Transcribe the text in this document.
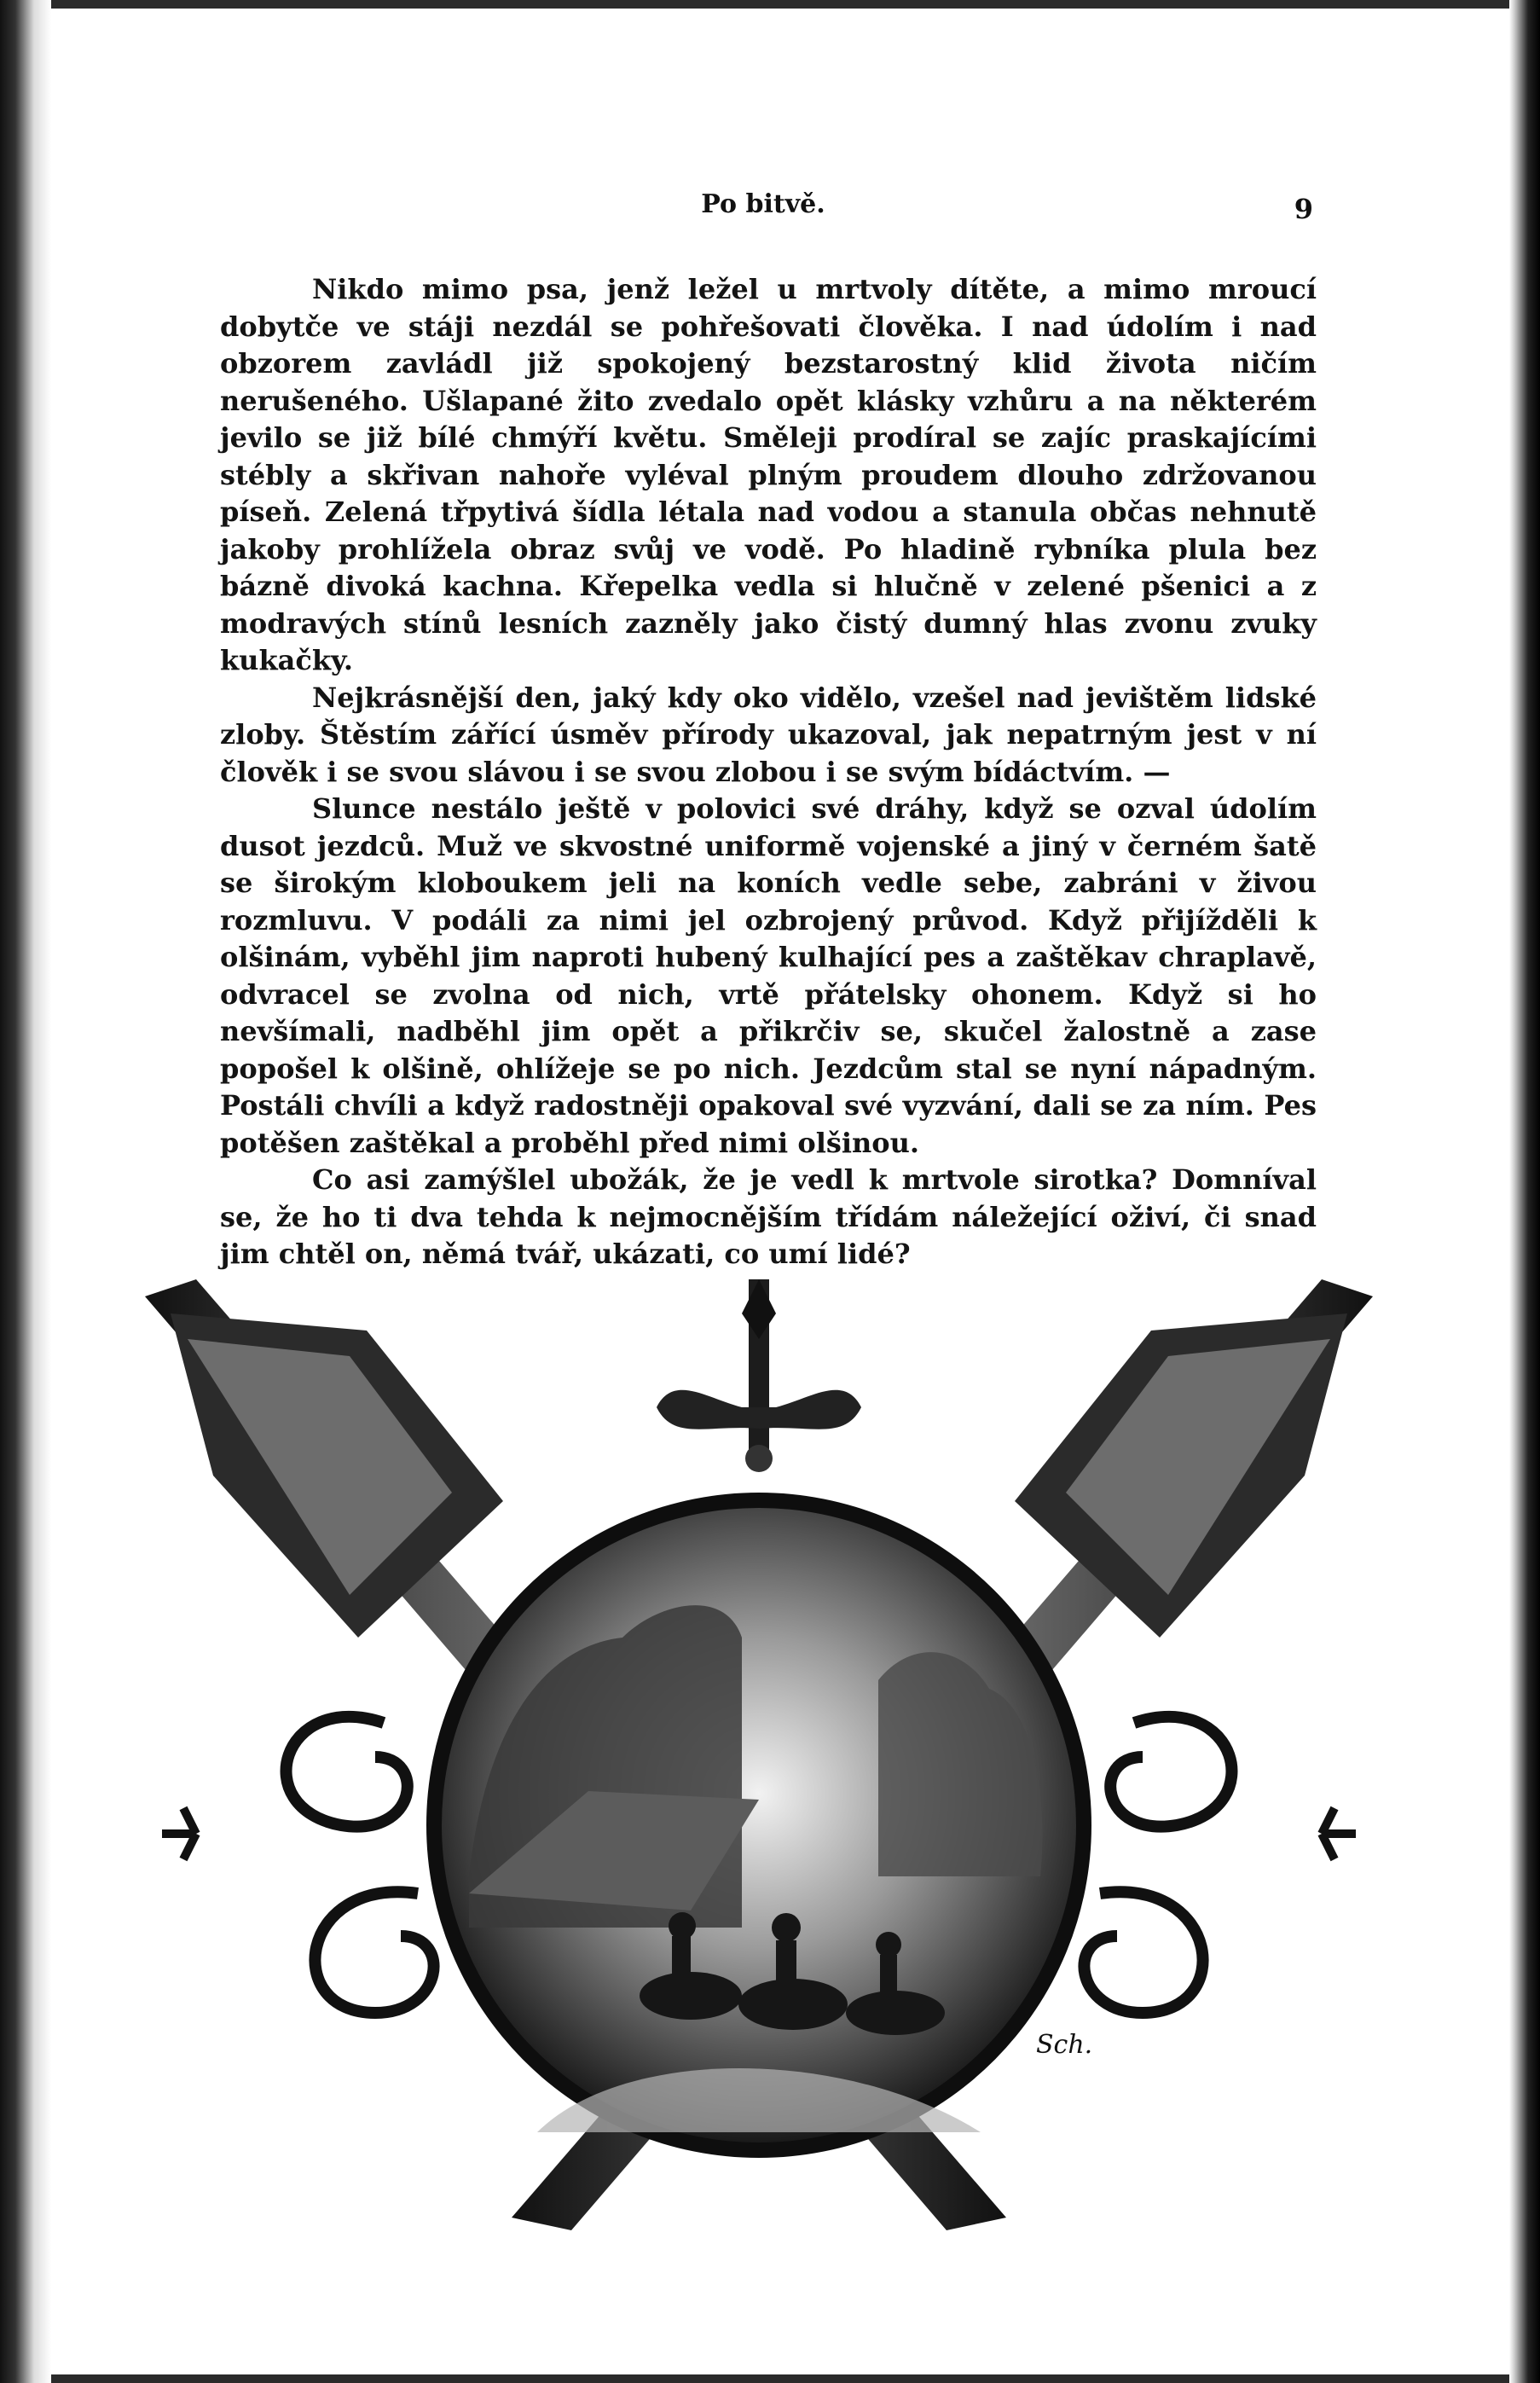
Po bitvě.	9

Nikdo mimo psa, jenž ležel u mrtvoly dítěte, a mimo mroucí dobytče ve stáji nezdál se pohřešovati člověka. I nad údolím i nad obzorem zavládl již spokojený bezstarostný klid života ničím nerušeného. Ušlapané žito zvedalo opět klásky vzhůru a na některém jevilo se již bílé chmýří květu. Směleji prodíral se zajíc praskajícími stébly a skřivan nahoře vyléval plným proudem dlouho zdržovanou píseň. Zelená třpytivá šídla létala nad vodou a stanula občas nehnutě jakoby prohlížela obraz svůj ve vodě. Po hladině rybníka plula bez bázně divoká kachna. Křepelka vedla si hlučně v zelené pšenici a z modravých stínů lesních zazněly jako čistý dumný hlas zvonu zvuky kukačky.

Nejkrásnější den, jaký kdy oko vidělo, vzešel nad jevištěm lidské zloby. Štěstím zářící úsměv přírody ukazoval, jak nepatrným jest v ní člověk i se svou slávou i se svou zlobou i se svým bídáctvím. —

Slunce nestálo ještě v polovici své dráhy, když se ozval údolím dusot jezdců. Muž ve skvostné uniformě vojenské a jiný v černém šatě se širokým kloboukem jeli na koních vedle sebe, zabráni v živou rozmluvu. V podáli za nimi jel ozbrojený průvod. Když přijížděli k olšinám, vyběhl jim naproti hubený kulhající pes a zaštěkav chraplavě, odvracel se zvolna od nich, vrtě přátelsky ohonem. Když si ho nevšímali, nadběhl jim opět a přikrčiv se, skučel žalostně a zase popošel k olšině, ohlížeje se po nich. Jezdcům stal se nyní nápadným. Postáli chvíli a když radostněji opakoval své vyzvání, dali se za ním. Pes potěšen zaštěkal a proběhl před nimi olšinou.

Co asi zamýšlel ubožák, že je vedl k mrtvole sirotka? Domníval se, že ho ti dva tehda k nejmocnějším třídám náležející oživí, či snad jim chtěl on, němá tvář, ukázati, co umí lidé?

Sch.
